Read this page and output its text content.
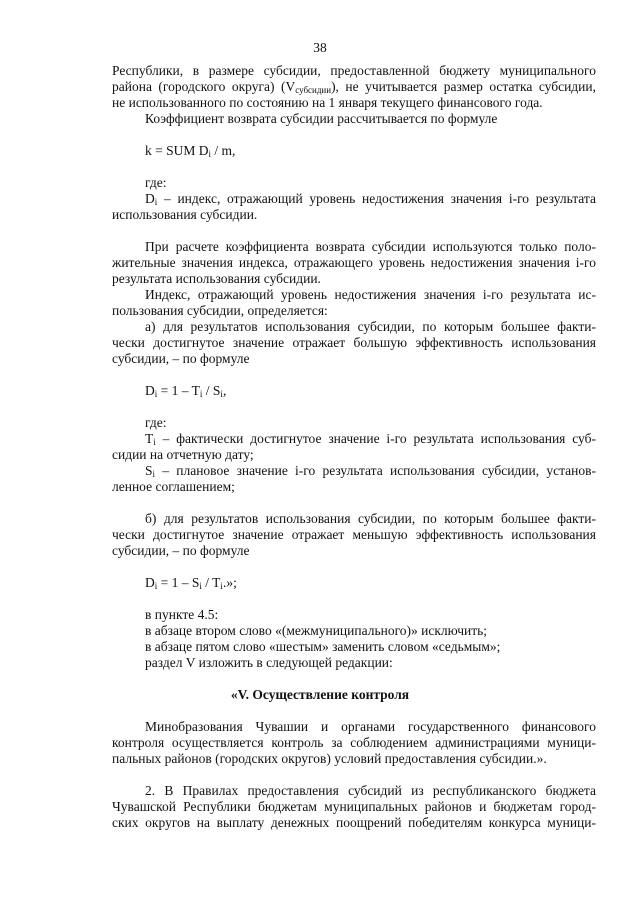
38
Республики, в размере субсидии, предоставленной бюджету муниципального
района (городского округа) $(V_{субсидии})$, не учитывается размер остатка субсидии,
не использованного по состоянию на 1 января текущего финансового года.
Коэффициент возврата субсидии рассчитывается по формуле
k = SUM $D_i$ / m,
где:
$D_i$ – индекс, отражающий уровень недостижения значения i-го результата
использования субсидии.
При расчете коэффициента возврата субсидии используются только поло-
жительные значения индекса, отражающего уровень недостижения значения i-го
результата использования субсидии.
Индекс, отражающий уровень недостижения значения i-го результата ис-
пользования субсидии, определяется:
а) для результатов использования субсидии, по которым большее факти-
чески достигнутое значение отражает большую эффективность использования
субсидии, – по формуле
$D_i = 1 - T_i / S_i$,
где:
$T_i$ – фактически достигнутое значение i-го результата использования суб-
сидии на отчетную дату;
$S_i$ – плановое значение i-го результата использования субсидии, установ-
ленное соглашением;
б) для результатов использования субсидии, по которым большее факти-
чески достигнутое значение отражает меньшую эффективность использования
субсидии, – по формуле
$D_i = 1 - S_i / T_i$.»;
в пункте 4.5:
в абзаце втором слово «(межмуниципального)» исключить;
в абзаце пятом слово «шестым» заменить словом «седьмым»;
раздел V изложить в следующей редакции:
«V. Осуществление контроля
Минобразования Чувашии и органами государственного финансового
контроля осуществляется контроль за соблюдением администрациями муници-
пальных районов (городских округов) условий предоставления субсидии.».
2. В Правилах предоставления субсидий из республиканского бюджета
Чувашской Республики бюджетам муниципальных районов и бюджетам город-
ских округов на выплату денежных поощрений победителям конкурса муници-
